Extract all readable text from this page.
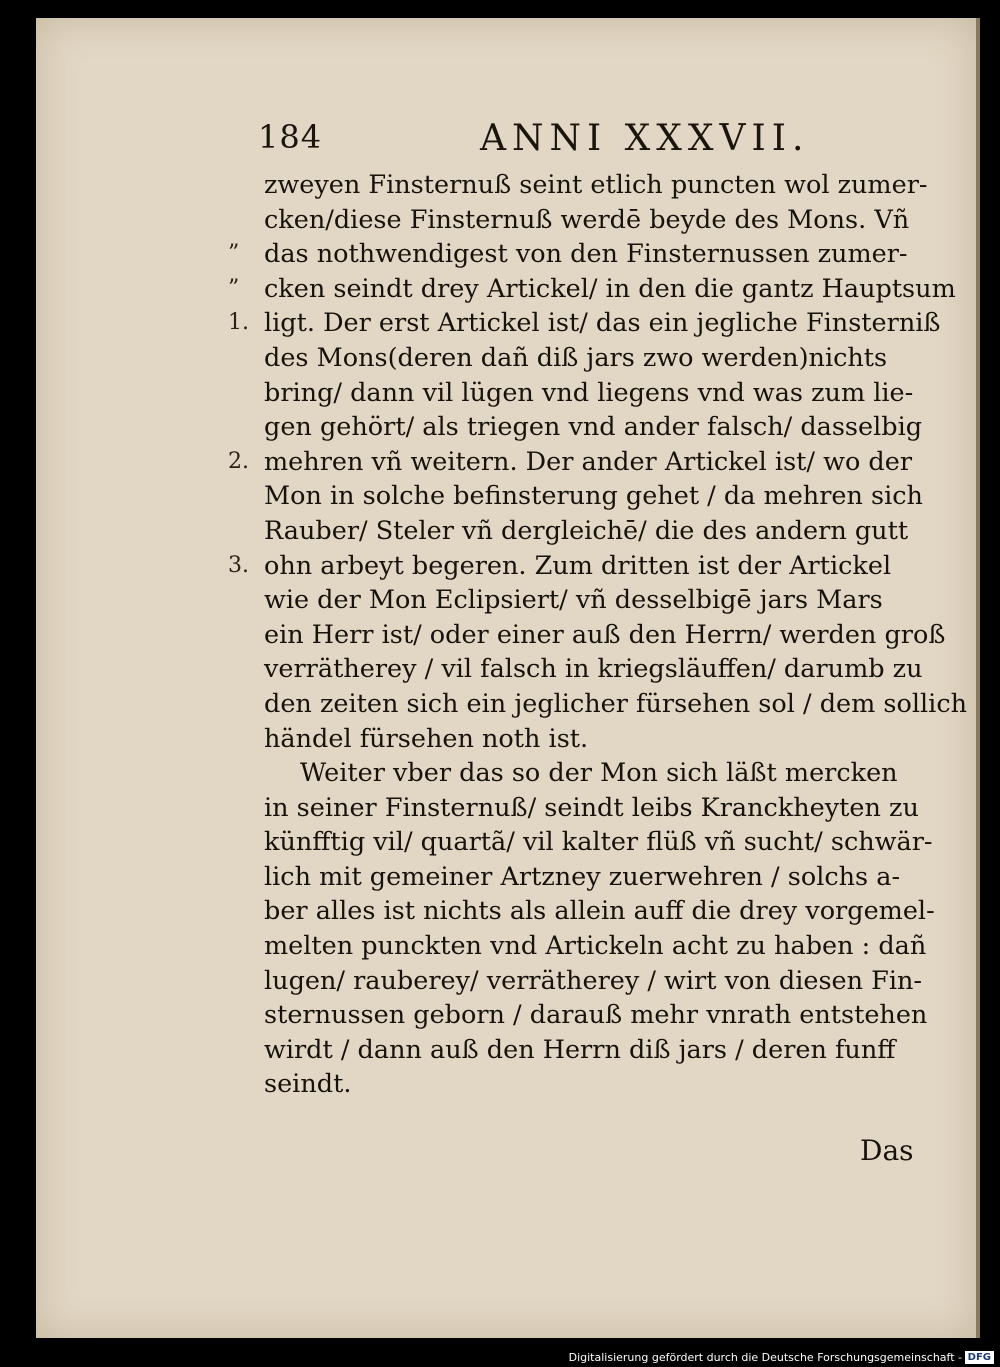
184	ANNI XXXVII.
zweyen Finsternuß seint etlich puncten wol zumer-
cken/diese Finsternuß werdē beyde des Mons. Vñ
” das nothwendigest von den Finsternussen zumer-
” cken seindt drey Artickel/ in den die gantz Hauptsum
1. ligt. Der erst Artickel ist/ das ein jegliche Finsterniß
des Mons(deren dañ diß jars zwo werden)nichts
bring/ dann vil lügen vnd liegens vnd was zum lie-
gen gehört/ als triegen vnd ander falsch/ dasselbig
2. mehren vñ weitern. Der ander Artickel ist/ wo der
Mon in solche befinsterung gehet / da mehren sich
Rauber/ Steler vñ dergleichē/ die des andern gutt
3. ohn arbeyt begeren. Zum dritten ist der Artickel
wie der Mon Eclipsiert/ vñ desselbigē jars Mars
ein Herr ist/ oder einer auß den Herrn/ werden groß
verrätherey / vil falsch in kriegsläuffen/ darumb zu
den zeiten sich ein jeglicher fürsehen sol / dem sollich
händel fürsehen noth ist.
Weiter vber das so der Mon sich läßt mercken
in seiner Finsternuß/ seindt leibs Kranckheyten zu
künfftig vil/ quartã/ vil kalter flüß vñ sucht/ schwär-
lich mit gemeiner Artzney zuerwehren / solchs a-
ber alles ist nichts als allein auff die drey vorgemel-
melten punckten vnd Artickeln acht zu haben : dañ
lugen/ rauberey/ verrätherey / wirt von diesen Fin-
sternussen geborn / darauß mehr vnrath entstehen
wirdt / dann auß den Herrn diß jars / deren funff
seindt.
Das
Digitalisierung gefördert durch die Deutsche Forschungsgemeinschaft - DFG
